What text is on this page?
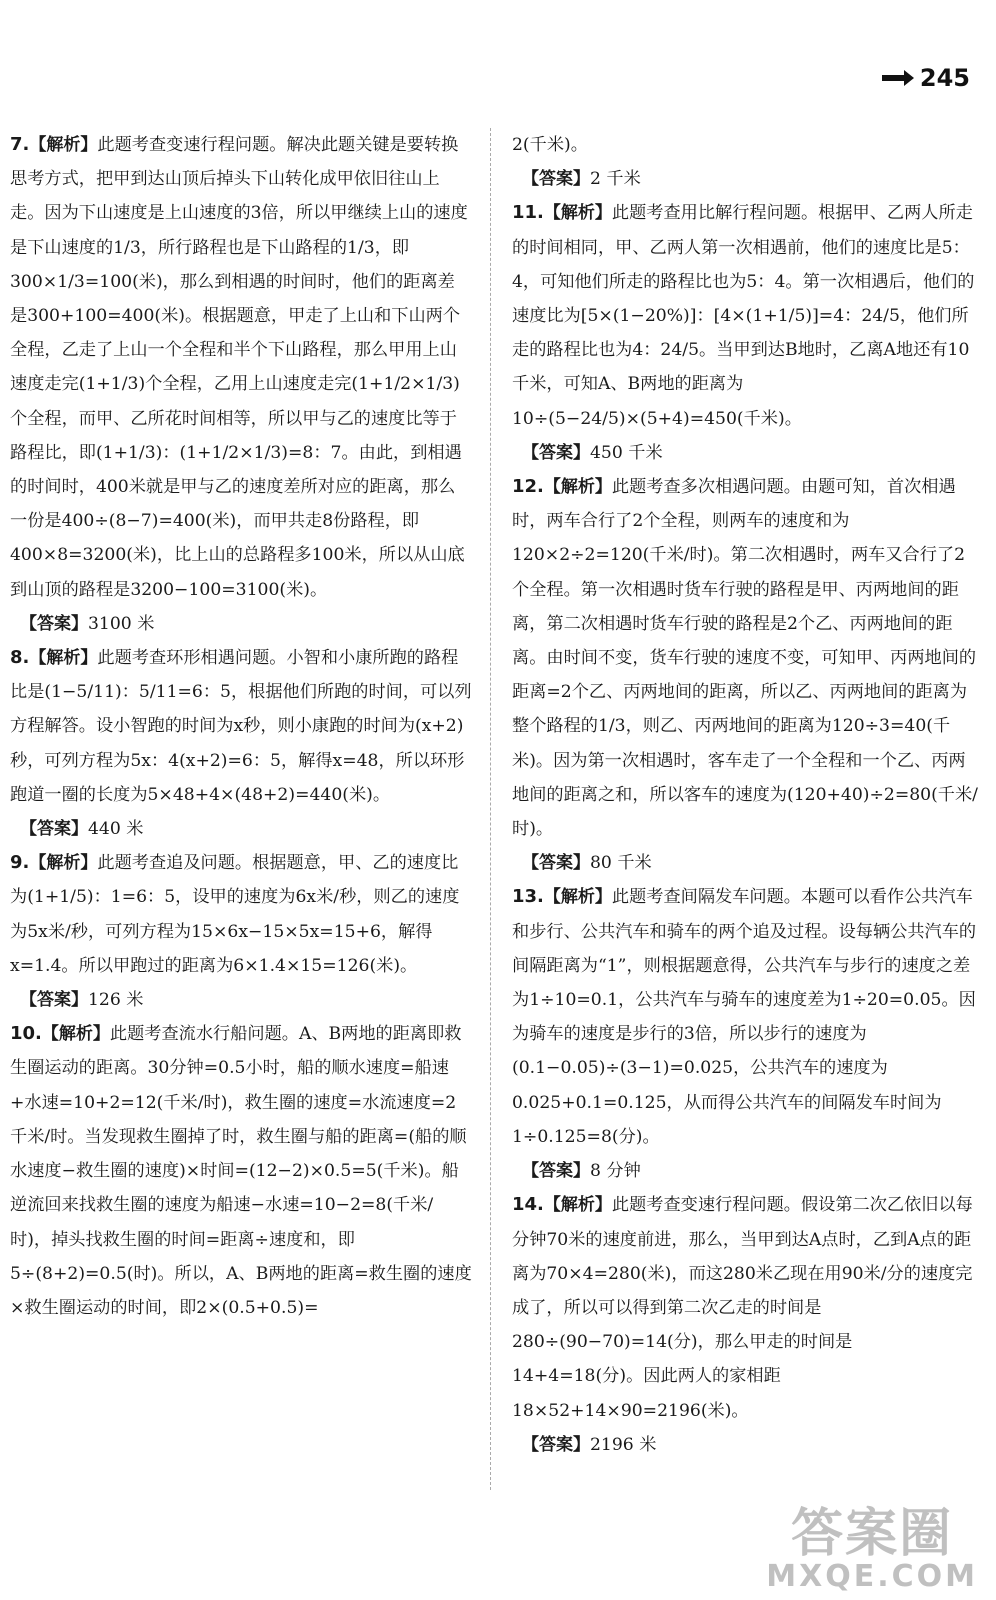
245

7.【解析】此题考查变速行程问题。解决此题关键是要转换思考方式，把甲到达山顶后掉头下山转化成甲依旧往山上走。因为下山速度是上山速度的3倍，所以甲继续上山的速度是下山速度的1/3，所行路程也是下山路程的1/3，即300×1/3=100(米)，那么到相遇的时间时，他们的距离差是300+100=400(米)。根据题意，甲走了上山和下山两个全程，乙走了上山一个全程和半个下山路程，那么甲用上山速度走完(1+1/3)个全程，乙用上山速度走完(1+1/2×1/3)个全程，而甲、乙所花时间相等，所以甲与乙的速度比等于路程比，即(1+1/3)：(1+1/2×1/3)=8：7。由此，到相遇的时间时，400米就是甲与乙的速度差所对应的距离，那么一份是400÷(8−7)=400(米)，而甲共走8份路程，即400×8=3200(米)，比上山的总路程多100米，所以从山底到山顶的路程是3200−100=3100(米)。

【答案】3100 米

8.【解析】此题考查环形相遇问题。小智和小康所跑的路程比是(1−5/11)：5/11=6：5，根据他们所跑的时间，可以列方程解答。设小智跑的时间为x秒，则小康跑的时间为(x+2)秒，可列方程为5x：4(x+2)=6：5，解得x=48，所以环形跑道一圈的长度为5×48+4×(48+2)=440(米)。

【答案】440 米

9.【解析】此题考查追及问题。根据题意，甲、乙的速度比为(1+1/5)：1=6：5，设甲的速度为6x米/秒，则乙的速度为5x米/秒，可列方程为15×6x−15×5x=15+6，解得x=1.4。所以甲跑过的距离为6×1.4×15=126(米)。

【答案】126 米

10.【解析】此题考查流水行船问题。A、B两地的距离即救生圈运动的距离。30分钟=0.5小时，船的顺水速度=船速+水速=10+2=12(千米/时)，救生圈的速度=水流速度=2千米/时。当发现救生圈掉了时，救生圈与船的距离=(船的顺水速度−救生圈的速度)×时间=(12−2)×0.5=5(千米)。船逆流回来找救生圈的速度为船速−水速=10−2=8(千米/时)，掉头找救生圈的时间=距离÷速度和，即5÷(8+2)=0.5(时)。所以，A、B两地的距离=救生圈的速度×救生圈运动的时间，即2×(0.5+0.5)=

2(千米)。

【答案】2 千米

11.【解析】此题考查用比解行程问题。根据甲、乙两人所走的时间相同，甲、乙两人第一次相遇前，他们的速度比是5：4，可知他们所走的路程比也为5：4。第一次相遇后，他们的速度比为[5×(1−20%)]：[4×(1+1/5)]=4：24/5，他们所走的路程比也为4：24/5。当甲到达B地时，乙离A地还有10千米，可知A、B两地的距离为10÷(5−24/5)×(5+4)=450(千米)。

【答案】450 千米

12.【解析】此题考查多次相遇问题。由题可知，首次相遇时，两车合行了2个全程，则两车的速度和为120×2÷2=120(千米/时)。第二次相遇时，两车又合行了2个全程。第一次相遇时货车行驶的路程是甲、丙两地间的距离，第二次相遇时货车行驶的路程是2个乙、丙两地间的距离。由时间不变，货车行驶的速度不变，可知甲、丙两地间的距离=2个乙、丙两地间的距离，所以乙、丙两地间的距离为整个路程的1/3，则乙、丙两地间的距离为120÷3=40(千米)。因为第一次相遇时，客车走了一个全程和一个乙、丙两地间的距离之和，所以客车的速度为(120+40)÷2=80(千米/时)。

【答案】80 千米

13.【解析】此题考查间隔发车问题。本题可以看作公共汽车和步行、公共汽车和骑车的两个追及过程。设每辆公共汽车的间隔距离为“1”，则根据题意得，公共汽车与步行的速度之差为1÷10=0.1，公共汽车与骑车的速度差为1÷20=0.05。因为骑车的速度是步行的3倍，所以步行的速度为(0.1−0.05)÷(3−1)=0.025，公共汽车的速度为0.025+0.1=0.125，从而得公共汽车的间隔发车时间为1÷0.125=8(分)。

【答案】8 分钟

14.【解析】此题考查变速行程问题。假设第二次乙依旧以每分钟70米的速度前进，那么，当甲到达A点时，乙到A点的距离为70×4=280(米)，而这280米乙现在用90米/分的速度完成了，所以可以得到第二次乙走的时间是280÷(90−70)=14(分)，那么甲走的时间是14+4=18(分)。因此两人的家相距18×52+14×90=2196(米)。

【答案】2196 米

答案圈
MXQE.COM
